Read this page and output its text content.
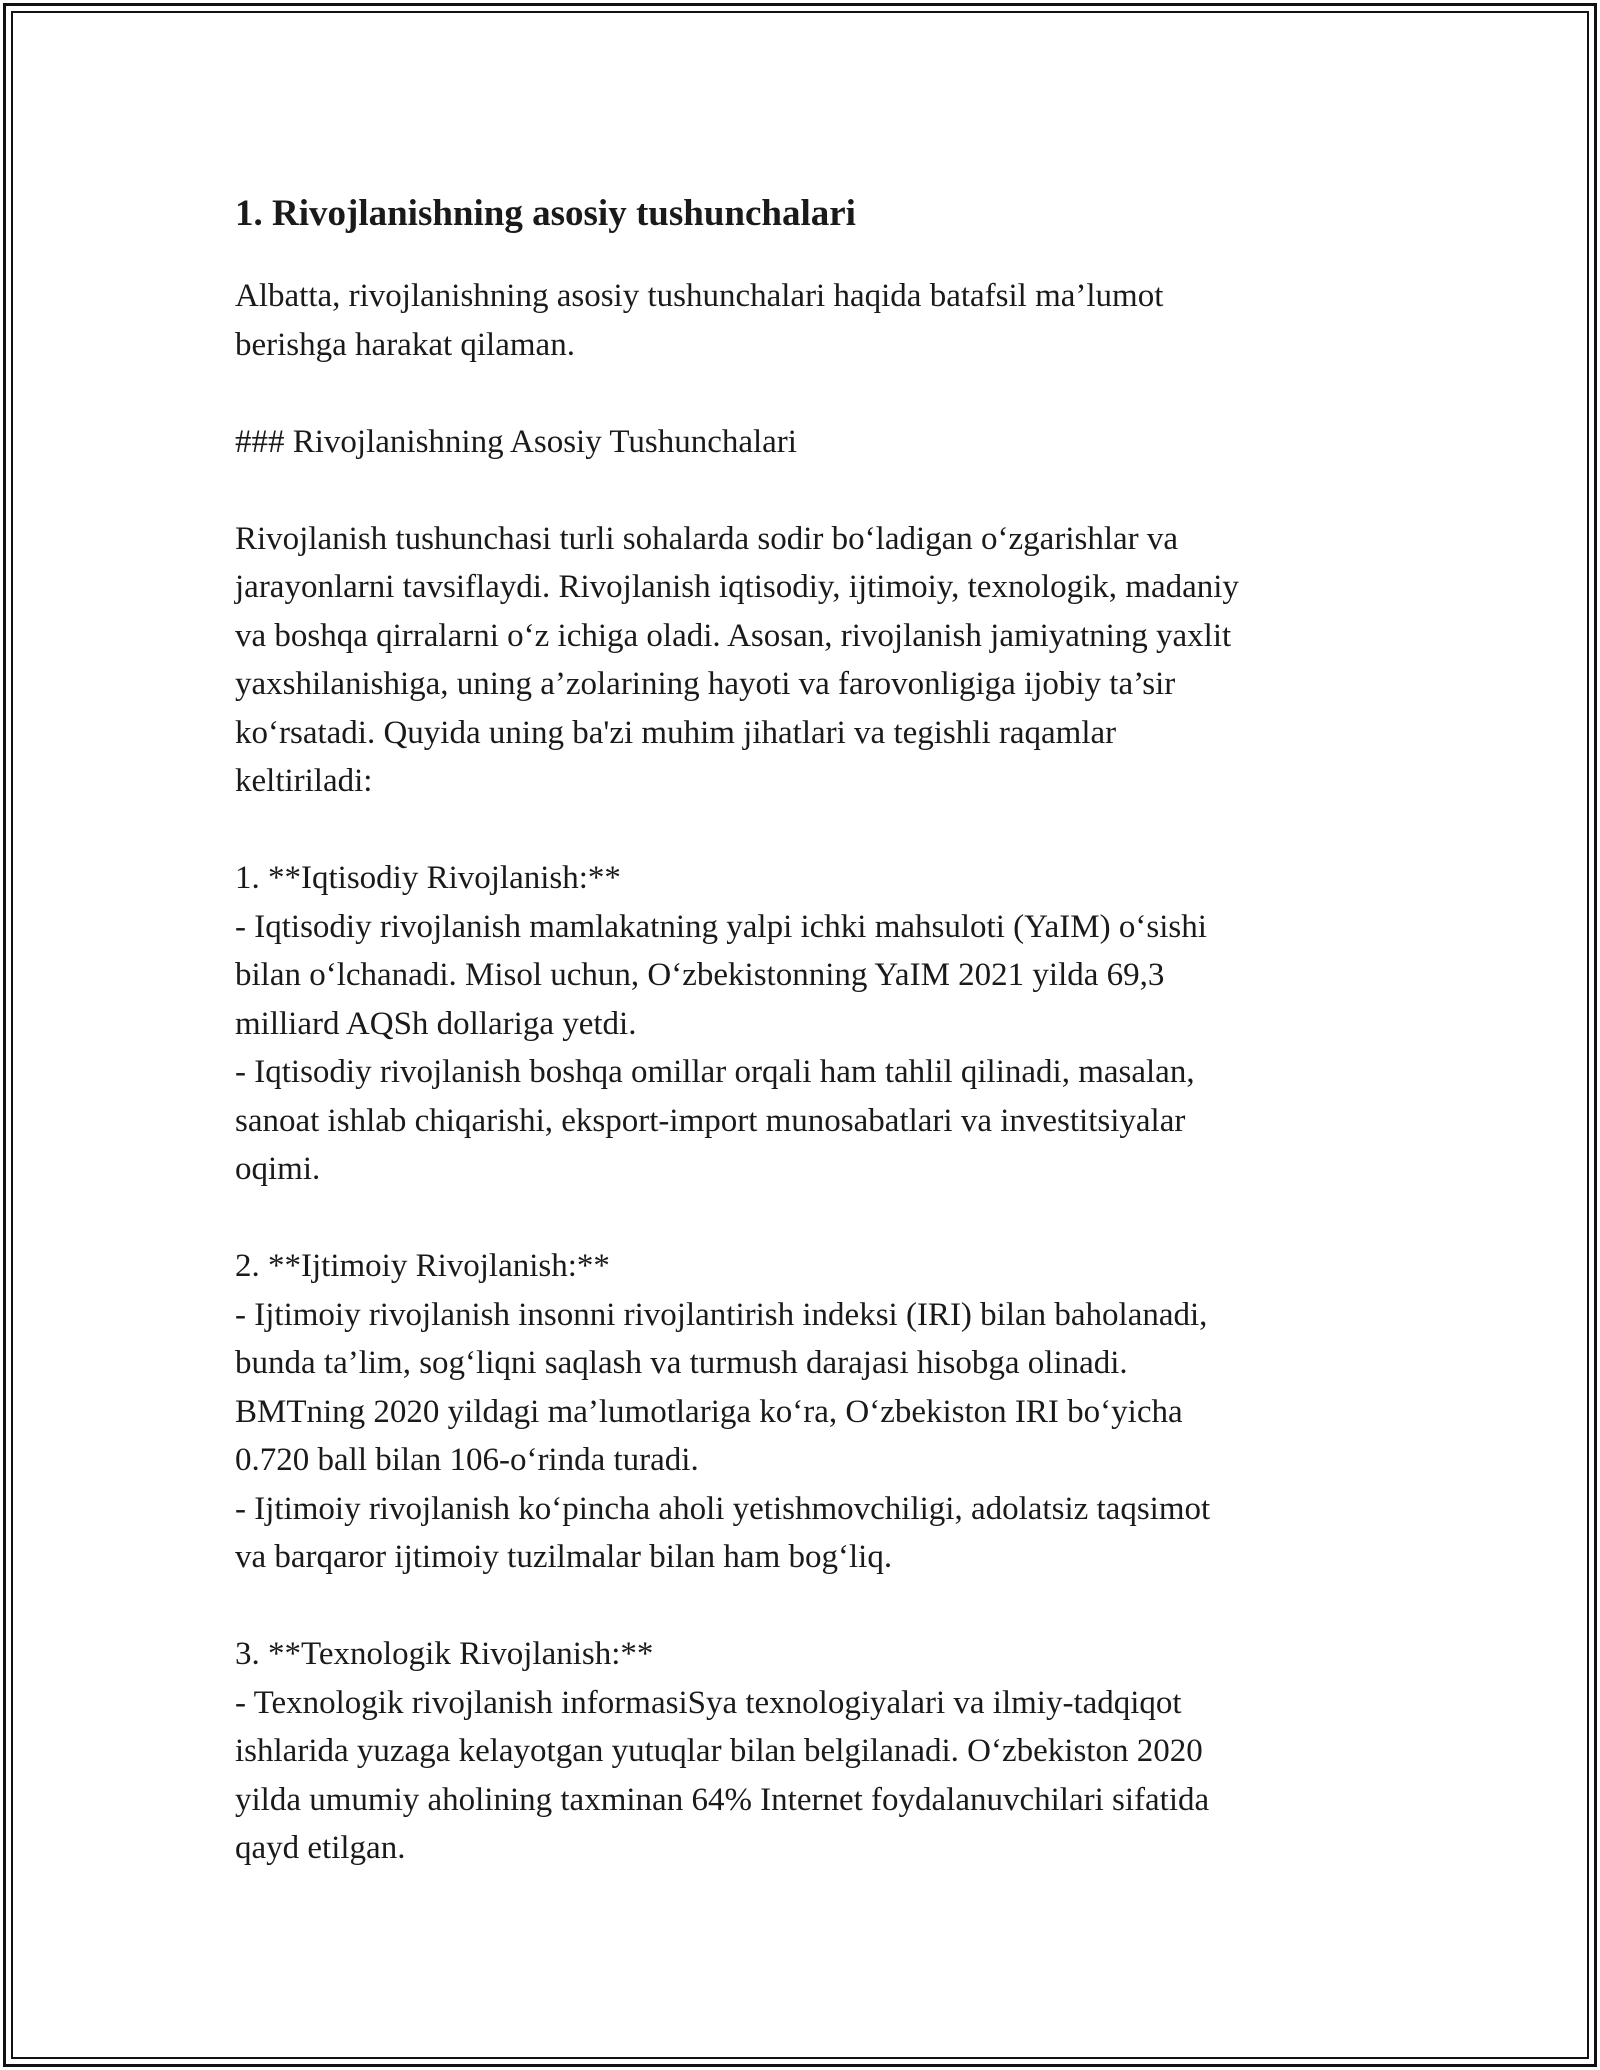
1. Rivojlanishning asosiy tushunchalari

Albatta, rivojlanishning asosiy tushunchalari haqida batafsil ma’lumot
berishga harakat qilaman.

### Rivojlanishning Asosiy Tushunchalari

Rivojlanish tushunchasi turli sohalarda sodir bo‘ladigan o‘zgarishlar va
jarayonlarni tavsiflaydi. Rivojlanish iqtisodiy, ijtimoiy, texnologik, madaniy
va boshqa qirralarni o‘z ichiga oladi. Asosan, rivojlanish jamiyatning yaxlit
yaxshilanishiga, uning a’zolarining hayoti va farovonligiga ijobiy ta’sir
ko‘rsatadi. Quyida uning ba'zi muhim jihatlari va tegishli raqamlar
keltiriladi:

1. **Iqtisodiy Rivojlanish:**

- Iqtisodiy rivojlanish mamlakatning yalpi ichki mahsuloti (YaIM) o‘sishi
bilan o‘lchanadi. Misol uchun, O‘zbekistonning YaIM 2021 yilda 69,3
milliard AQSh dollariga yetdi.
- Iqtisodiy rivojlanish boshqa omillar orqali ham tahlil qilinadi, masalan,
sanoat ishlab chiqarishi, eksport-import munosabatlari va investitsiyalar
oqimi.

2. **Ijtimoiy Rivojlanish:**

- Ijtimoiy rivojlanish insonni rivojlantirish indeksi (IRI) bilan baholanadi,
bunda ta’lim, sog‘liqni saqlash va turmush darajasi hisobga olinadi.
BMTning 2020 yildagi ma’lumotlariga ko‘ra, O‘zbekiston IRI bo‘yicha
0.720 ball bilan 106-o‘rinda turadi.
- Ijtimoiy rivojlanish ko‘pincha aholi yetishmovchiligi, adolatsiz taqsimot
va barqaror ijtimoiy tuzilmalar bilan ham bog‘liq.

3. **Texnologik Rivojlanish:**

- Texnologik rivojlanish informasiSya texnologiyalari va ilmiy-tadqiqot
ishlarida yuzaga kelayotgan yutuqlar bilan belgilanadi. O‘zbekiston 2020
yilda umumiy aholining taxminan 64% Internet foydalanuvchilari sifatida
qayd etilgan.
